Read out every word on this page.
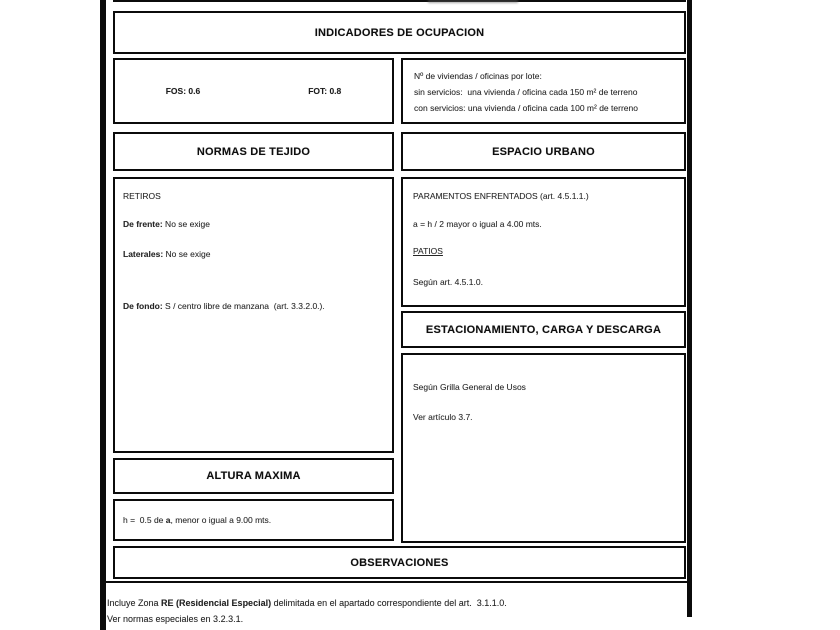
INDICADORES DE OCUPACION
FOS: 0.6	FOT: 0.8

Nº de viviendas / oficinas por lote:

sin servicios:  una vivienda / oficina cada 150 m² de terreno

con servicios: una vivienda / oficina cada 100 m² de terreno

NORMAS DE TEJIDO	ESPACIO URBANO

RETIROS

De frente: No se exige

Laterales: No se exige

De fondo: S / centro libre de manzana  (art. 3.3.2.0.).

PARAMENTOS ENFRENTADOS (art. 4.5.1.1.)

a = h / 2 mayor o igual a 4.00 mts.

PATIOS

Según art. 4.5.1.0.

ESTACIONAMIENTO, CARGA Y DESCARGA

Según Grilla General de Usos

Ver artículo 3.7.

ALTURA MAXIMA

h =  0.5 de a, menor o igual a 9.00 mts.

OBSERVACIONES

Incluye Zona RE (Residencial Especial) delimitada en el apartado correspondiente del art.  3.1.1.0.

Ver normas especiales en 3.2.3.1.
